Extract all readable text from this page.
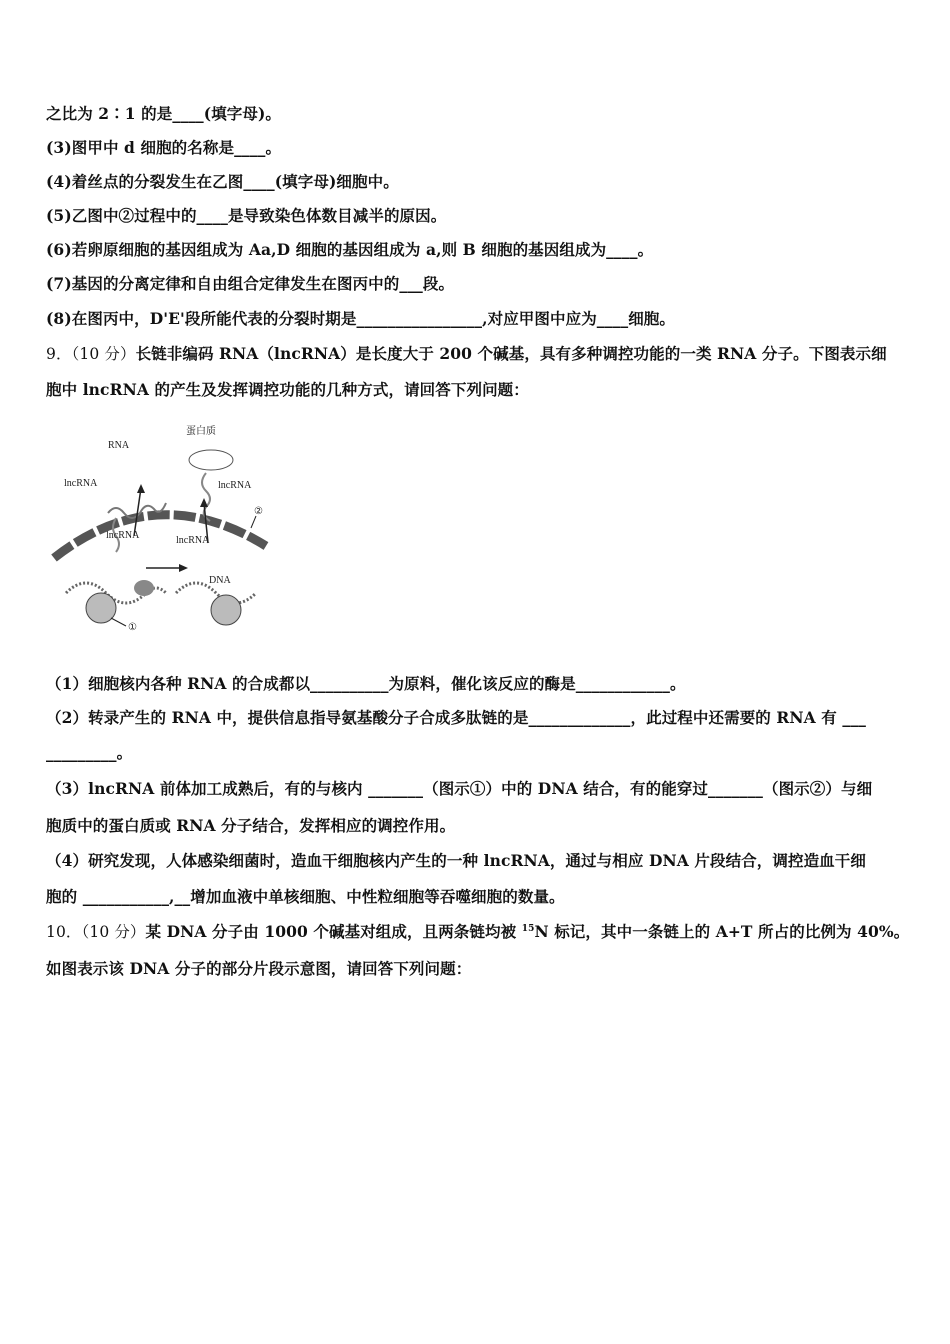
之比为 2∶1 的是____(填字母)。
(3)图甲中 d 细胞的名称是____。
(4)着丝点的分裂发生在乙图____(填字母)细胞中。
(5)乙图中②过程中的____是导致染色体数目减半的原因。
(6)若卵原细胞的基因组成为 Aa,D 细胞的基因组成为 a,则 B 细胞的基因组成为____。
(7)基因的分离定律和自由组合定律发生在图丙中的___段。
(8)在图丙中，D'E'段所能代表的分裂时期是________________,对应甲图中应为____细胞。
9．（10 分）长链非编码 RNA（lncRNA）是长度大于 200 个碱基，具有多种调控功能的一类 RNA 分子。下图表示细
胞中 lncRNA 的产生及发挥调控功能的几种方式，请回答下列问题：
RNA
蛋白质
lncRNA	lncRNA
lncRNA	lncRNA
DNA
①
②
（1）细胞核内各种 RNA 的合成都以__________为原料，催化该反应的酶是____________。
（2）转录产生的 RNA 中，提供信息指导氨基酸分子合成多肽链的是_____________，此过程中还需要的 RNA 有 ___
_________。
（3）lncRNA 前体加工成熟后，有的与核内 _______（图示①）中的 DNA 结合，有的能穿过_______（图示②）与细
胞质中的蛋白质或 RNA 分子结合，发挥相应的调控作用。
（4）研究发现，人体感染细菌时，造血干细胞核内产生的一种 lncRNA，通过与相应 DNA 片段结合，调控造血干细
胞的 ___________,__增加血液中单核细胞、中性粒细胞等吞噬细胞的数量。
10．（10 分）某 DNA 分子由 1000 个碱基对组成，且两条链均被 $^{15}$N 标记，其中一条链上的 A+T 所占的比例为 40%。
如图表示该 DNA 分子的部分片段示意图，请回答下列问题：
